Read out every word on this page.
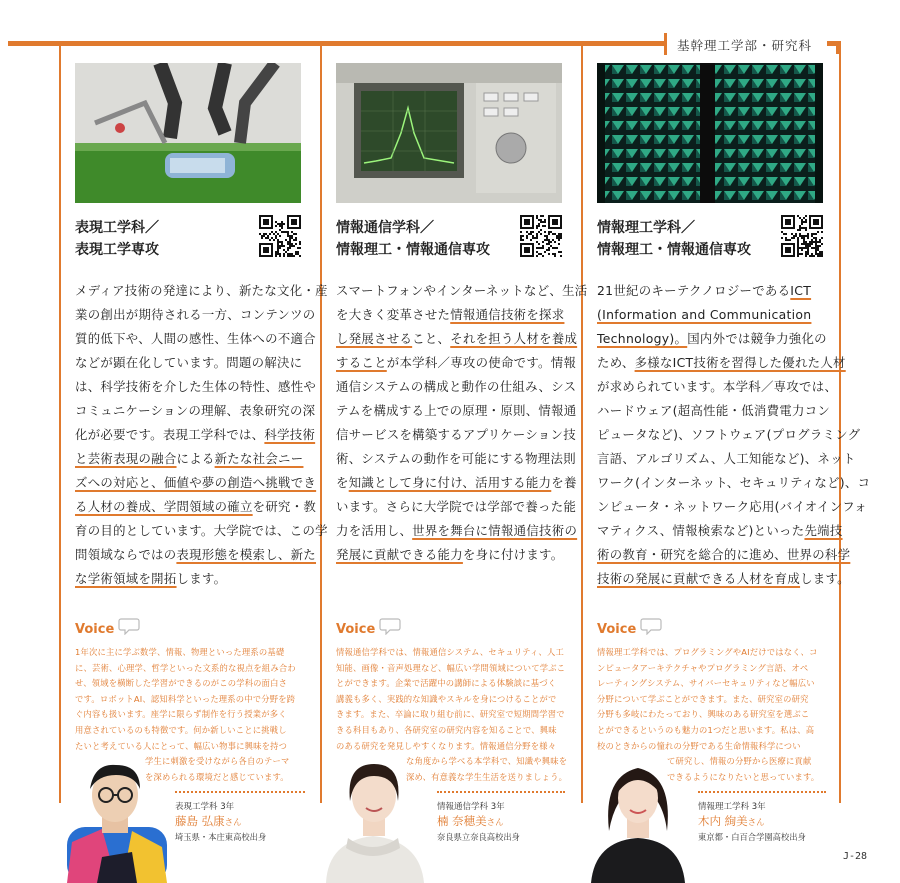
基幹理工学部・研究科
表現工学科／
表現工学専攻
メディア技術の発達により、新たな文化・産
業の創出が期待される一方、コンテンツの
質的低下や、人間の感性、生体への不適合
などが顕在化しています。問題の解決に
は、科学技術を介した生体の特性、感性や
コミュニケーションの理解、表象研究の深
化が必要です。表現工学科では、科学技術
と芸術表現の融合による新たな社会ニー
ズへの対応と、価値や夢の創造へ挑戦でき
る人材の養成、学問領域の確立を研究・教
育の目的としています。大学院では、この学
問領域ならではの表現形態を模索し、新た
な学術領域を開拓します。
Voice
1年次に主に学ぶ数学、情報、物理といった理系の基礎
に、芸術、心理学、哲学といった文系的な視点を組み合わ
せ、領域を横断した学習ができるのがこの学科の面白さ
です。ロボットAI、認知科学といった理系の中で分野を跨
ぐ内容も扱います。座学に限らず制作を行う授業が多く
用意されているのも特徴です。何か新しいことに挑戦し
たいと考えている人にとって、幅広い物事に興味を持つ
学生に刺激を受けながら各自のテーマ
を深められる環境だと感じています。
表現工学科 3年
藤島 弘康さん
埼玉県・本庄東高校出身
情報通信学科／
情報理工・情報通信専攻
スマートフォンやインターネットなど、生活
を大きく変革させた情報通信技術を探求
し発展させること、それを担う人材を養成
することが本学科／専攻の使命です。情報
通信システムの構成と動作の仕組み、シス
テムを構成する上での原理・原則、情報通
信サービスを構築するアプリケーション技
術、システムの動作を可能にする物理法則
を知識として身に付け、活用する能力を養
います。さらに大学院では学部で養った能
力を活用し、世界を舞台に情報通信技術の
発展に貢献できる能力を身に付けます。
Voice
情報通信学科では、情報通信システム、セキュリティ、人工
知能、画像・音声処理など、幅広い学問領域について学ぶこ
とができます。企業で活躍中の講師による体験談に基づく
講義も多く、実践的な知識やスキルを身につけることがで
きます。また、卒論に取り組む前に、研究室で短期間学習で
きる科目もあり、各研究室の研究内容を知ることで、興味
のある研究を発見しやすくなります。情報通信分野を様々
な角度から学べる本学科で、知識や興味を
深め、有意義な学生生活を送りましょう。
情報通信学科 3年
楠 奈穂美さん
奈良県立奈良高校出身
情報理工学科／
情報理工・情報通信専攻
21世紀のキーテクノロジーであるICT
(Information and Communication
Technology)。国内外では競争力強化の
ため、多様なICT技術を習得した優れた人材
が求められています。本学科／専攻では、
ハードウェア(超高性能・低消費電力コン
ピュータなど)、ソフトウェア(プログラミング
言語、アルゴリズム、人工知能など)、ネット
ワーク(インターネット、セキュリティなど)、コ
ンピュータ・ネットワーク応用(バイオインフォ
マティクス、情報検索など)といった先端技
術の教育・研究を総合的に進め、世界の科学
技術の発展に貢献できる人材を育成します。
Voice
情報理工学科では、プログラミングやAIだけではなく、コ
ンピュータアーキテクチャやプログラミング言語、オペ
レーティングシステム、サイバーセキュリティなど幅広い
分野について学ぶことができます。また、研究室の研究
分野も多岐にわたっており、興味のある研究室を選ぶこ
とができるというのも魅力の1つだと思います。私は、高
校のときからの憧れの分野である生命情報科学につい
て研究し、情報の分野から医療に貢献
できるようになりたいと思っています。
情報理工学科 3年
木内 絢美さん
東京都・白百合学園高校出身
J-28
